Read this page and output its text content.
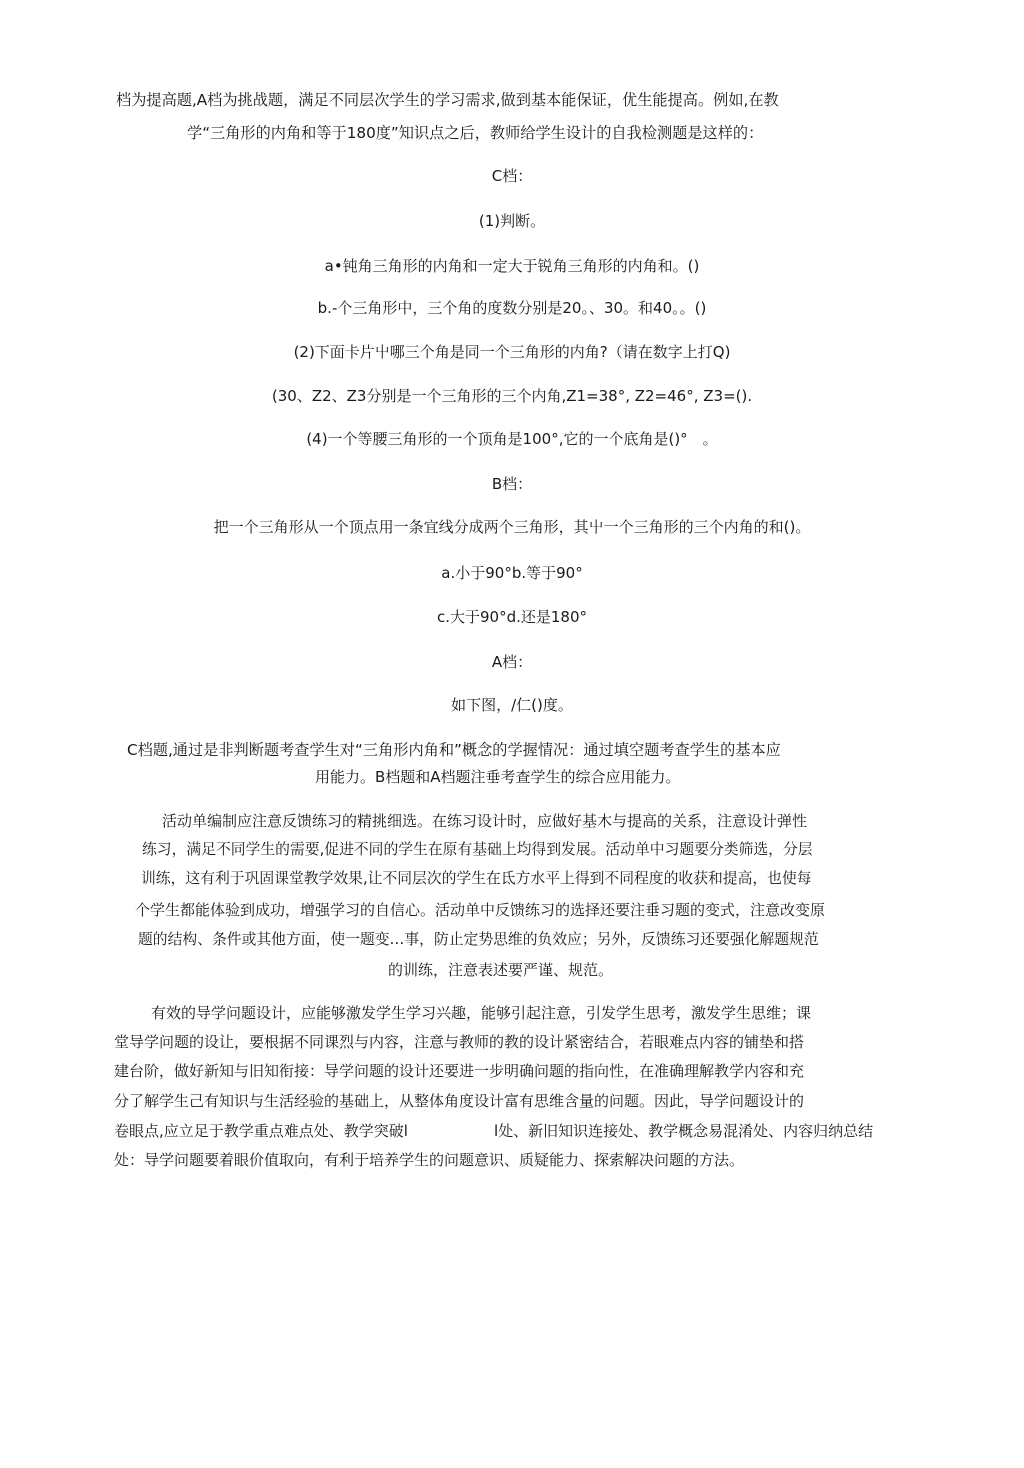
档为提高题,A档为挑战题，满足不同层次学生的学习需求,做到基本能保证，优生能提高。例如,在教
学“三角形的内角和等于180度”知识点之后，教师给学生设计的自我检测题是这样的：
C档：
(1)判断。
a•钝角三角形的内角和一定大于锐角三角形的内角和。()
b.-个三角形中，三个角的度数分别是20。、30。和40。。()
(2)下面卡片屮哪三个角是同一个三角形的内角?（请在数字上打Q)
(30、Z2、Z3分别是一个三角形的三个内角,Z1=38°, Z2=46°, Z3=().
(4)一个等腰三角形的一个顶角是100°,它的一个底角是()°　。
B档：
把一个三角形从一个顶点用一条宜线分成两个三角形，其屮一个三角形的三个内角的和()。
a.小于90°b.等于90°
c.大于90°d.还是180°
A档：
如下图，/仁()度。
C档题,通过是非判断题考查学生对“三角形内角和”概念的学握情况：通过填空题考查学生的基本应
用能力。B档题和A档题注垂考查学生的综合应用能力。
活动单编制应注意反馈练习的精挑细选。在练习设计时，应做好基木与提高的关系，注意设计弹性
练习，满足不同学生的需要,促进不同的学生在原有基础上均得到发展。活动单中习题要分类筛选，分层
训练，这有利于巩固课堂教学效果,让不同层次的学生在氐方水平上得到不同程度的收获和提高，也使每
个学生都能体验到成功，增强学习的自信心。活动单中反馈练习的选择还要注垂习题的变式，注意改变原
题的结构、条件或其他方面，使一题变…事，防止定势思维的负效应；另外，反馈练习还要强化解题规范
的训练，注意表述要严谨、规范。
有效的导学问题设计，应能够激发学生学习兴趣，能够引起注意，引发学生思考，激发学生思维；课
堂导学问题的设让，要根据不同课烈与内容，注意与教师的教的设计紧密结合，若眼难点内容的铺垫和搭
建台阶，做好新知与旧知衔接：导学问题的设计还要进一步明确问题的指向性，在准确理解教学内容和充
分了解学生己有知识与生活经验的基础上，从整体角度设计富有思维含量的问题。因此，导学问题设计的
卷眼点,应立足于教学重点难点处、教学突破l	l处、新旧知识连接处、教学概念易混淆处、内容归纳总结
处：导学问题要着眼价值取向，有利于培养学生的问题意识、质疑能力、探索解决问题的方法。
